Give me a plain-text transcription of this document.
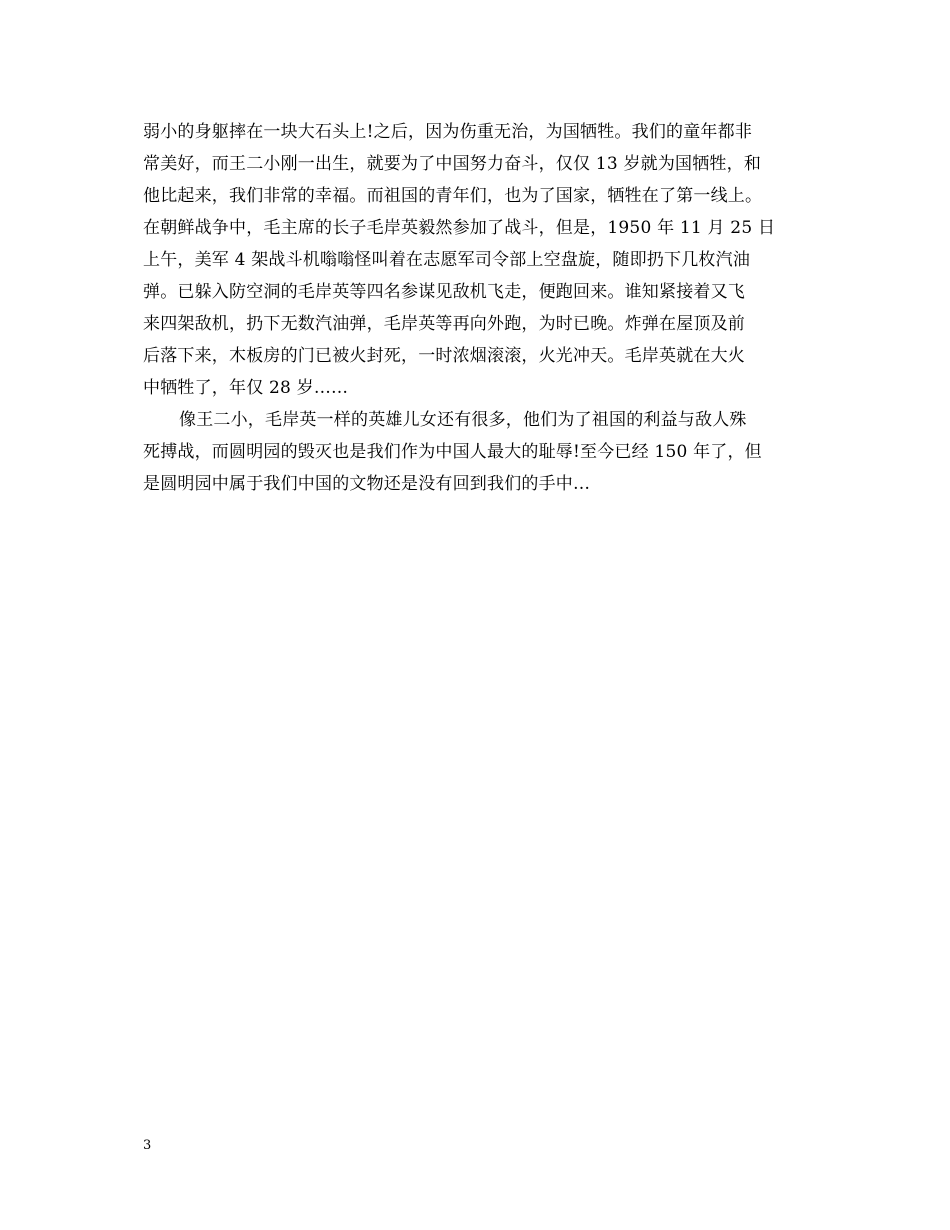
弱小的身躯摔在一块大石头上!之后，因为伤重无治，为国牺牲。我们的童年都非
常美好，而王二小刚一出生，就要为了中国努力奋斗，仅仅 13 岁就为国牺牲，和
他比起来，我们非常的幸福。而祖国的青年们，也为了国家，牺牲在了第一线上。
在朝鲜战争中，毛主席的长子毛岸英毅然参加了战斗，但是，1950 年 11 月 25 日
上午，美军 4 架战斗机嗡嗡怪叫着在志愿军司令部上空盘旋，随即扔下几枚汽油
弹。已躲入防空洞的毛岸英等四名参谋见敌机飞走，便跑回来。谁知紧接着又飞
来四架敌机，扔下无数汽油弹，毛岸英等再向外跑，为时已晚。炸弹在屋顶及前
后落下来，木板房的门已被火封死，一时浓烟滚滚，火光冲天。毛岸英就在大火
中牺牲了，年仅 28 岁……
像王二小，毛岸英一样的英雄儿女还有很多，他们为了祖国的利益与敌人殊
死搏战，而圆明园的毁灭也是我们作为中国人最大的耻辱!至今已经 150 年了，但
是圆明园中属于我们中国的文物还是没有回到我们的手中…
3
